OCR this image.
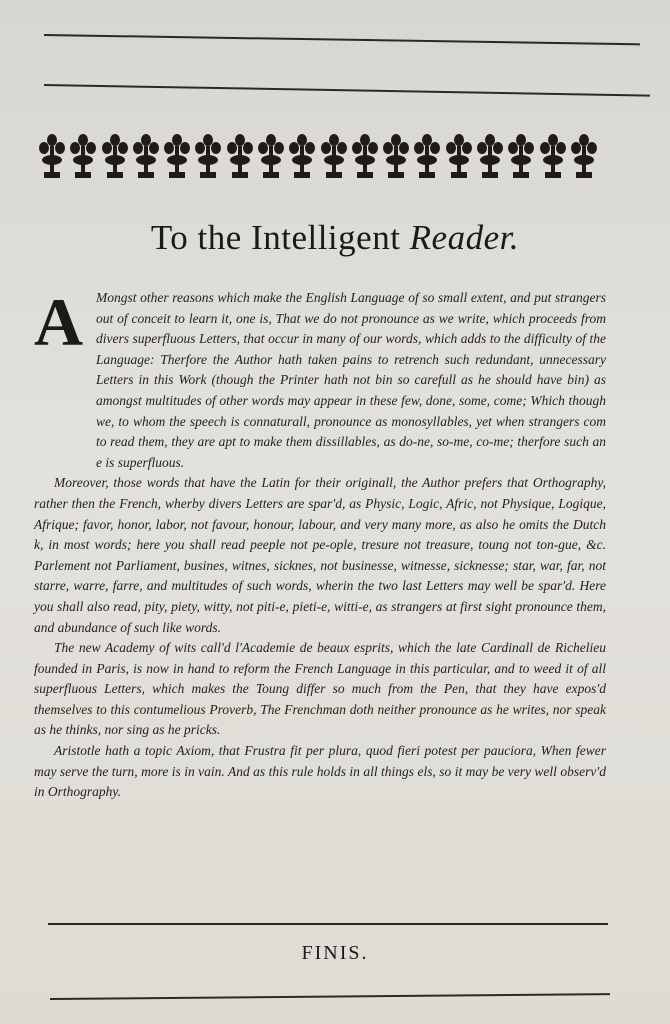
To the Intelligent Reader.
A Mongst other reasons which make the English Language of so small extent, and put strangers out of conceit to learn it, one is, That we do not pronounce as we write, which proceeds from divers superfluous Letters, that occur in many of our words, which adds to the difficulty of the Language: Therfore the Author hath taken pains to retrench such redundant, unnecessary Letters in this Work (though the Printer hath not bin so carefull as he should have bin) as amongst multitudes of other words may appear in these few, done, some, come; Which though we, to whom the speech is connaturall, pronounce as monosyllables, yet when strangers com to read them, they are apt to make them dissillables, as do-ne, so-me, co-me; therfore such an e is superfluous.

Moreover, those words that have the Latin for their originall, the Author prefers that Orthography, rather then the French, wherby divers Letters are spar'd, as Physic, Logic, Afric, not Physique, Logique, Afrique; favor, honor, labor, not favour, honour, labour, and very many more, as also he omits the Dutch k, in most words; here you shall read peeple not pe-ople, tresure not treasure, toung not ton-gue, &c. Parlement not Parliament, busines, witnes, sicknes, not businesse, witnesse, sicknesse; star, war, far, not starre, warre, farre, and multitudes of such words, wherin the two last Letters may well be spar'd. Here you shall also read, pity, piety, witty, not piti-e, pieti-e, witti-e, as strangers at first sight pronounce them, and abundance of such like words.

The new Academy of wits call'd l'Academie de beaux esprits, which the late Cardinall de Richelieu founded in Paris, is now in hand to reform the French Language in this particular, and to weed it of all superfluous Letters, which makes the Toung differ so much from the Pen, that they have expos'd themselves to this contumelious Proverb, The Frenchman doth neither pronounce as he writes, nor speak as he thinks, nor sing as he pricks.

Aristotle hath a topic Axiom, that Frustra fit per plura, quod fieri potest per pauciora, When fewer may serve the turn, more is in vain. And as this rule holds in all things els, so it may be very well observ'd in Orthography.

FINIS.
